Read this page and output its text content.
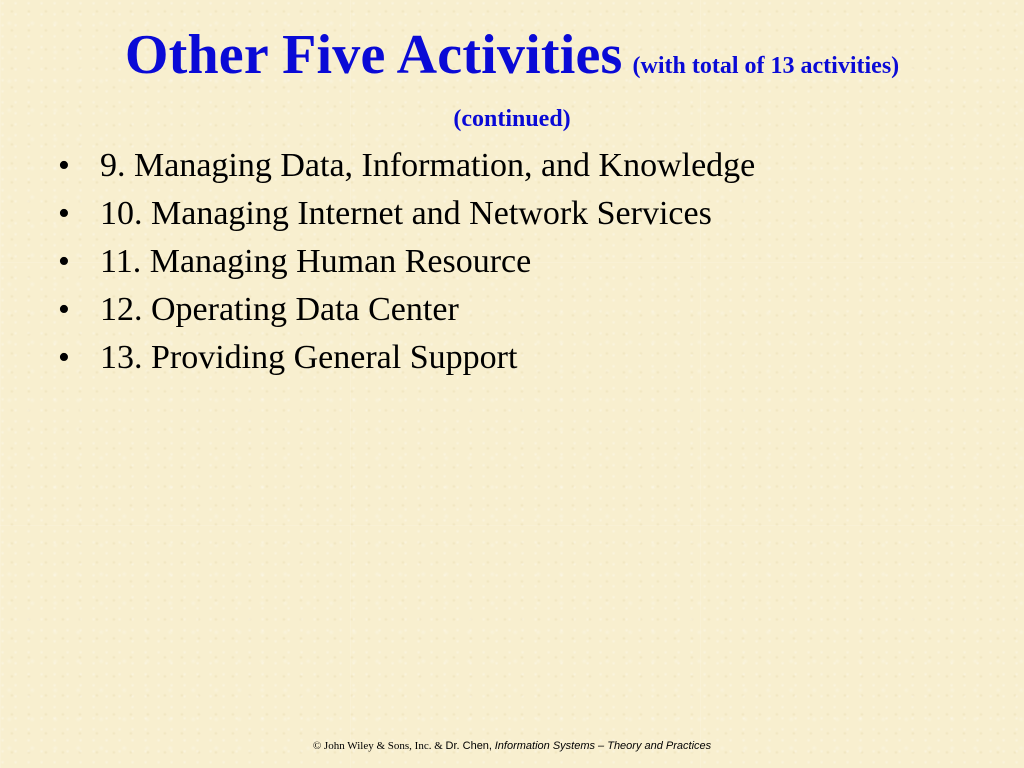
Other Five Activities (with total of 13 activities)
(continued)
• 9. Managing Data, Information, and Knowledge
• 10. Managing Internet and Network Services
• 11. Managing Human Resource
• 12. Operating Data Center
• 13. Providing General Support
© John Wiley & Sons, Inc. & Dr. Chen, Information Systems – Theory and Practices
